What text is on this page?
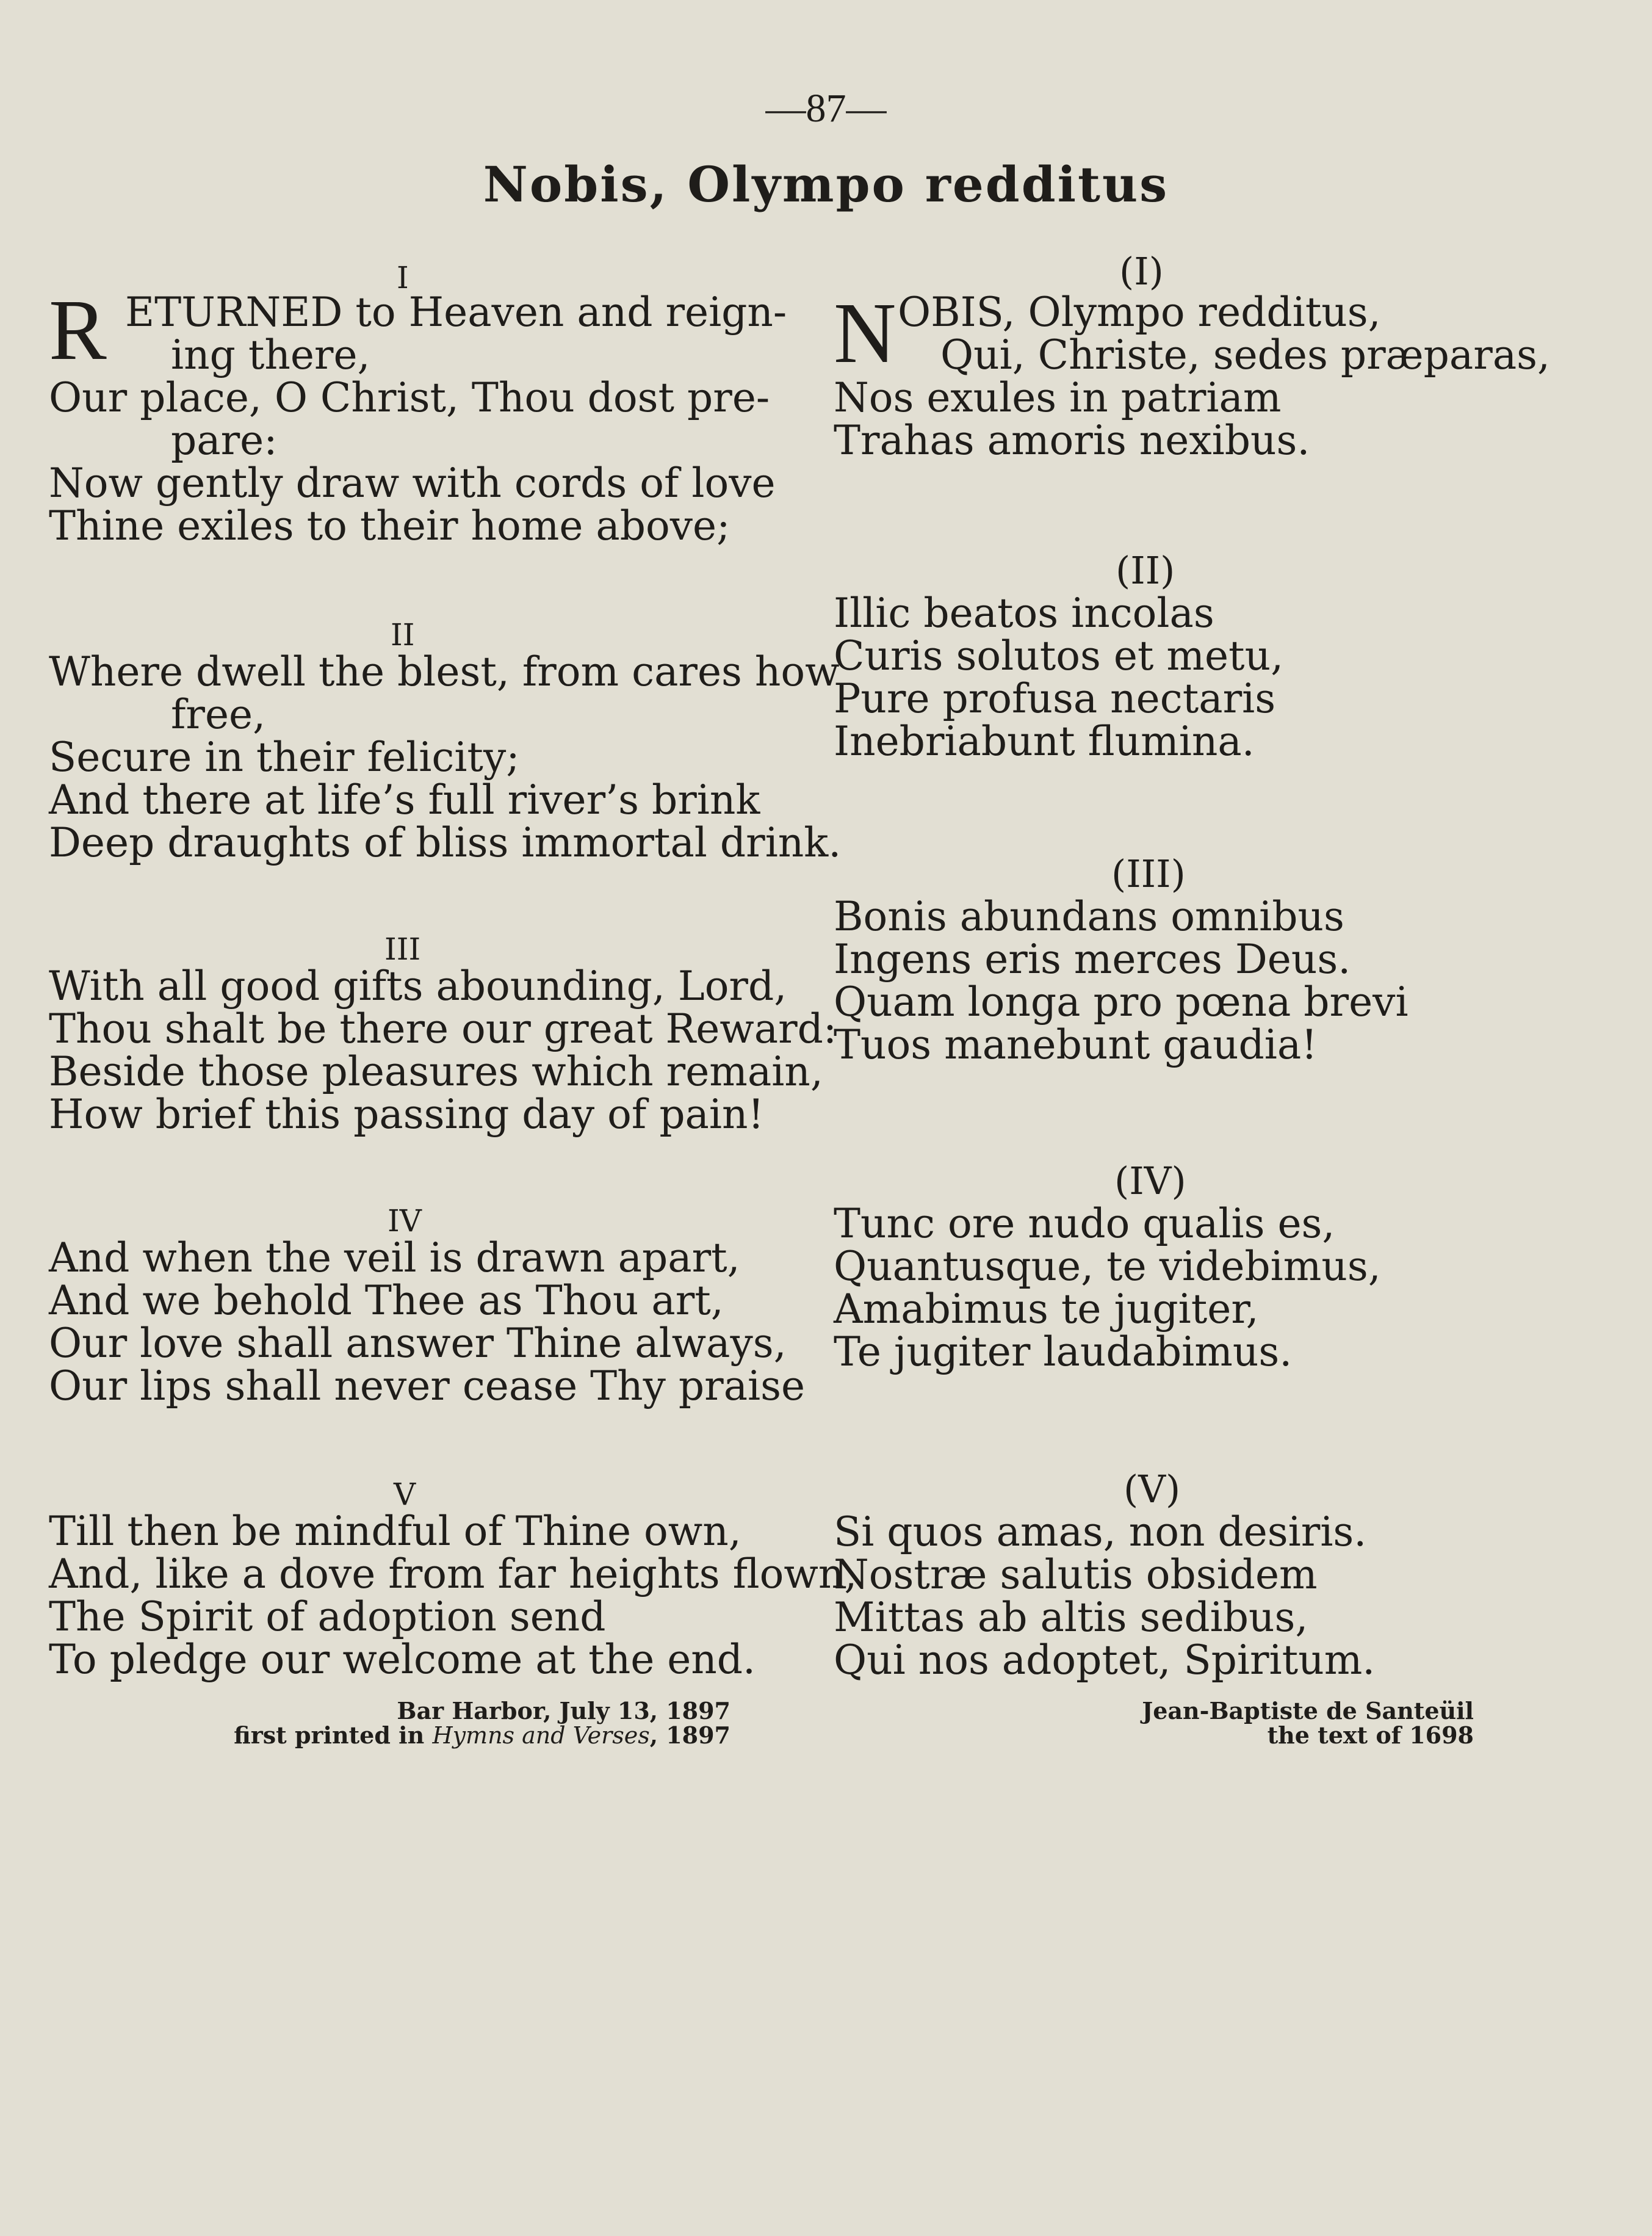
—87—
Nobis, Olympo redditus
I
R ETURNED to Heaven and reign-
ing there,
Our place, O Christ, Thou dost pre-
pare:
Now gently draw with cords of love
Thine exiles to their home above;
II
Where dwell the blest, from cares how
free,
Secure in their felicity;
And there at life’s full river’s brink
Deep draughts of bliss immortal drink.
III
With all good gifts abounding, Lord,
Thou shalt be there our great Reward:
Beside those pleasures which remain,
How brief this passing day of pain!
IV
And when the veil is drawn apart,
And we behold Thee as Thou art,
Our love shall answer Thine always,
Our lips shall never cease Thy praise
V
Till then be mindful of Thine own,
And, like a dove from far heights flown,
The Spirit of adoption send
To pledge our welcome at the end.
Bar Harbor, July 13, 1897
first printed in Hymns and Verses, 1897
(I)
N OBIS, Olympo redditus,
Qui, Christe, sedes præparas,
Nos exules in patriam
Trahas amoris nexibus.
(II)
Illic beatos incolas
Curis solutos et metu,
Pure profusa nectaris
Inebriabunt flumina.
(III)
Bonis abundans omnibus
Ingens eris merces Deus.
Quam longa pro pœna brevi
Tuos manebunt gaudia!
(IV)
Tunc ore nudo qualis es,
Quantusque, te videbimus,
Amabimus te jugiter,
Te jugiter laudabimus.
(V)
Si quos amas, non desiris.
Nostræ salutis obsidem
Mittas ab altis sedibus,
Qui nos adoptet, Spiritum.
Jean-Baptiste de Santeüil
the text of 1698
